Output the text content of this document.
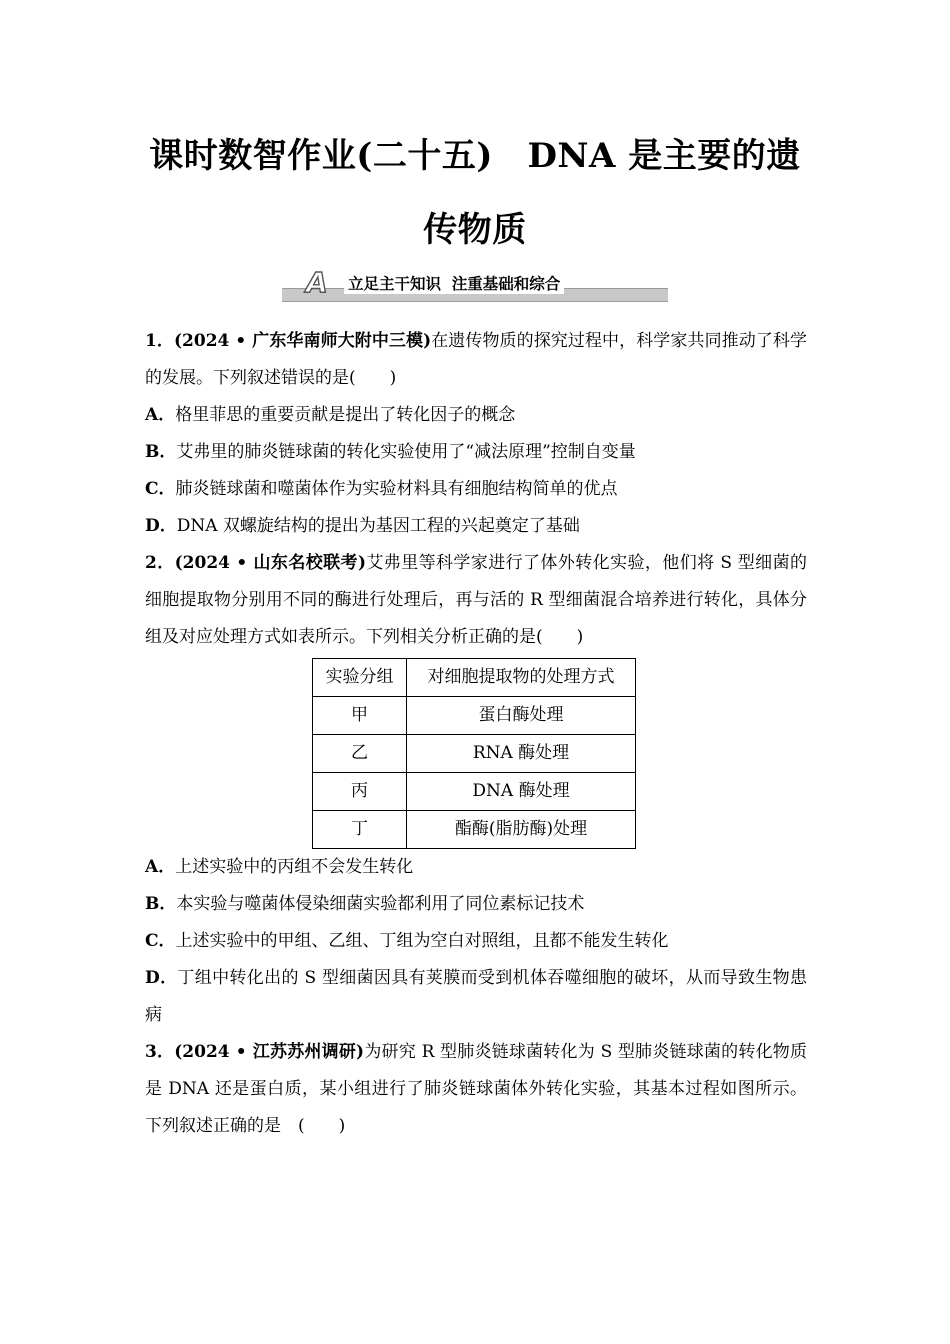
课时数智作业(二十五)　DNA 是主要的遗
传物质
A 立足主干知识  注重基础和综合

1．(2024 • 广东华南师大附中三模)在遗传物质的探究过程中，科学家共同推动了科学的发展。下列叙述错误的是(　　)

A．格里菲思的重要贡献是提出了转化因子的概念

B．艾弗里的肺炎链球菌的转化实验使用了“减法原理”控制自变量

C．肺炎链球菌和噬菌体作为实验材料具有细胞结构简单的优点

D．DNA 双螺旋结构的提出为基因工程的兴起奠定了基础

2．(2024 • 山东名校联考)艾弗里等科学家进行了体外转化实验，他们将 S 型细菌的细胞提取物分别用不同的酶进行处理后，再与活的 R 型细菌混合培养进行转化，具体分组及对应处理方式如表所示。下列相关分析正确的是(　　)

实验分组	对细胞提取物的处理方式
甲	蛋白酶处理
乙	RNA 酶处理
丙	DNA 酶处理
丁	酯酶(脂肪酶)处理

A．上述实验中的丙组不会发生转化

B．本实验与噬菌体侵染细菌实验都利用了同位素标记技术

C．上述实验中的甲组、乙组、丁组为空白对照组，且都不能发生转化

D．丁组中转化出的 S 型细菌因具有荚膜而受到机体吞噬细胞的破坏，从而导致生物患病

3．(2024 • 江苏苏州调研)为研究 R 型肺炎链球菌转化为 S 型肺炎链球菌的转化物质是 DNA 还是蛋白质，某小组进行了肺炎链球菌体外转化实验，其基本过程如图所示。下列叙述正确的是　(　　)
